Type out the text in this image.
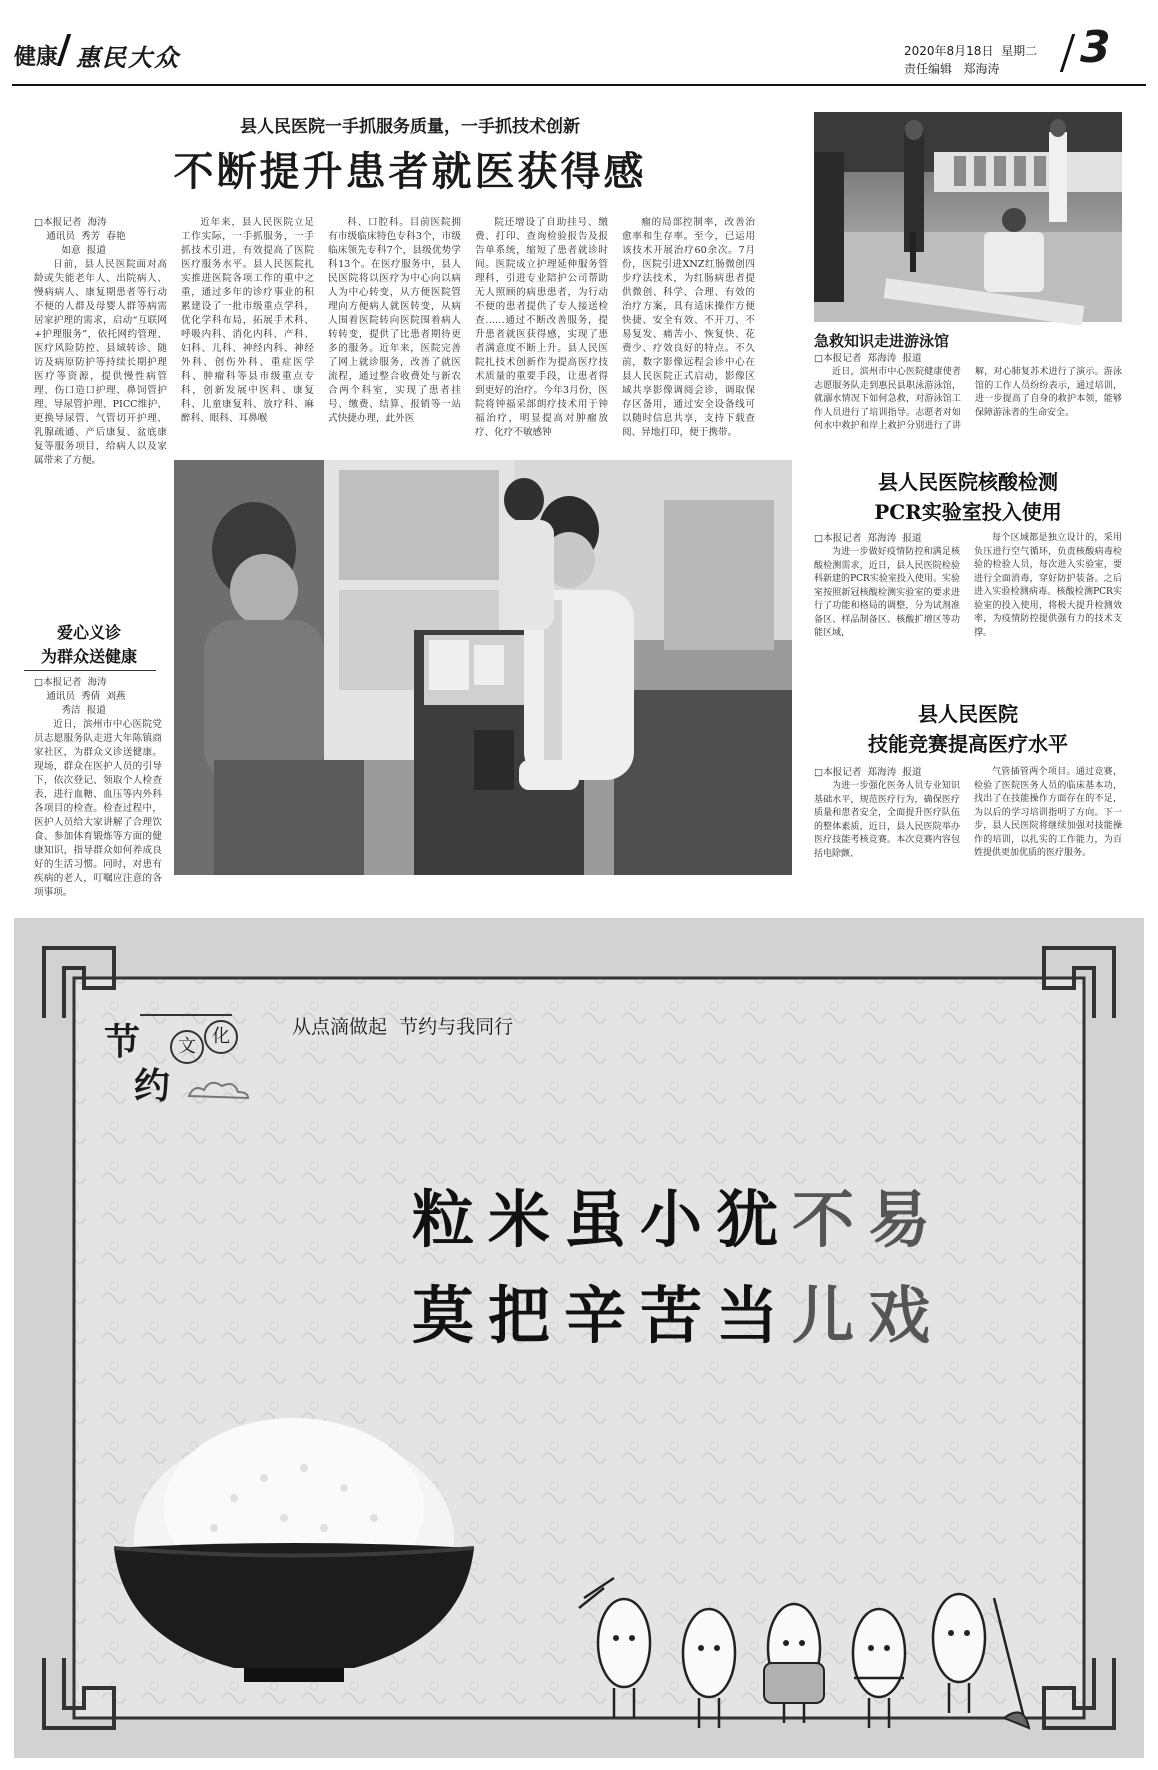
健康 惠民大众	2020年8月18日  星期二
责任编辑   郑海涛 3
县人民医院一手抓服务质量，一手抓技术创新
不断提升患者就医获得感
□本报记者  海涛
通讯员  秀芳  春艳
如意  报道

日前，县人民医院面对高龄或失能老年人、出院病人、慢病病人、康复期患者等行动不便的人群及母婴人群等病需居家护理的需求，启动“互联网+护理服务”，依托网约管理、医疗风险防控、县域转诊、随访及病原防护等持续长期护理医疗等资源，提供慢性病管理、伤口造口护理、鼻饲管护理、导尿管护理、PICC维护、更换导尿管、气管切开护理、乳腺疏通、产后康复、盆底康复等服务项目，给病人以及家属带来了方便。

近年来，县人民医院立足工作实际，一手抓服务，一手抓技术引进，有效提高了医院医疗服务水平。县人民医院扎实推进医院各项工作的重中之重，通过多年的诊疗事业的积累建设了一批市级重点学科，优化学科布局，拓展手术科、呼吸内科、消化内科、产科、妇科、儿科、神经内科、神经外科、创伤外科、重症医学科、肿瘤科等县市级重点专科，创新发展中医科、康复科、儿童康复科、放疗科、麻醉科、眼科、耳鼻喉

科、口腔科。目前医院拥有市级临床特色专科3个，市级临床领先专科7个，县级优势学科13个。在医疗服务中，县人民医院将以医疗为中心向以病人为中心转变，从方便医院管理向方便病人就医转变，从病人围着医院转向医院围着病人转转变，提供了比患者期待更多的服务。近年来，医院完善了网上就诊服务，改善了就医流程，通过整合收费处与新农合两个科室，实现了患者挂号、缴费、结算、报销等一站式快捷办理，此外医

院还增设了自助挂号、缴费、打印、查询检验报告及报告单系统，缩短了患者就诊时间。医院成立护理延伸服务管理科，引进专业陪护公司帮助无人照顾的病患患者，为行动不便的患者提供了专人接送检查……通过不断改善服务，提升患者就医获得感，实现了患者满意度不断上升。县人民医院扎技术创新作为提高医疗技术质量的重要手段，让患者得到更好的治疗。今年3月份，医院将钟福采部朗疗技术用于钟福治疗，明显提高对肿瘤放疗、化疗不敏感钟

瘤的局部控制率，改善治愈率和生存率。至今，已运用该技术开展治疗60余次。7月份，医院引进XNZ红肠微创四步疗法技术，为红肠病患者提供微创、科学、合理、有效的治疗方案，具有适床操作方便快捷、安全有效、不开刀、不易复发、痛苦小、恢复快、花费少、疗效良好的特点。不久前，数字影像远程会诊中心在县人民医院正式启动，影像区域共享影像调阅会诊，调取保存区备用，通过安全设备线可以随时信息共享，支持下载查阅、异地打印，便于携带。

急救知识走进游泳馆
□本报记者  郑海涛  报道

近日，滨州市中心医院健康使者志愿服务队走到惠民县职泳游泳馆，就溺水情况下如何急救，对游泳馆工作人员进行了培训指导。志愿者对如何水中救护和岸上救护分别进行了讲解，对心肺复苏术进行了演示。游泳馆的工作人员纷纷表示，通过培训，进一步提高了自身的救护本领，能够保障游泳者的生命安全。

爱心义诊
为群众送健康
□本报记者  海涛
通讯员  秀倩  刘燕
秀洁  报道

近日，滨州市中心医院党员志愿服务队走进大年陈镇商家社区，为群众义诊送健康。现场，群众在医护人员的引导下，依次登记、领取个人检查表，进行血糖、血压等内外科各项目的检查。检查过程中，医护人员给大家讲解了合理饮食、参加体育锻炼等方面的健康知识，指导群众如何养成良好的生活习惯。同时，对患有疾病的老人，叮嘱应注意的各项事项。

县人民医院核酸检测
PCR实验室投入使用
□本报记者  郑海涛  报道

为进一步做好疫情防控和满足核酸检测需求，近日，县人民医院检验科新建的PCR实验室投入使用。实验室按照新冠核酸检测实验室的要求进行了功能和格局的调整，分为试剂准备区、样品制备区、核酸扩增区等功能区域，

每个区域都是独立设计的，采用负压进行空气循环，负责核酸病毒检验的检验人员，每次进入实验室，要进行全面消毒，穿好防护装备。之后进入实验检测病毒。核酸检测PCR实验室的投入使用，将极大提升检测效率，为疫情防控提供强有力的技术支撑。

县人民医院
技能竞赛提高医疗水平
□本报记者  郑海涛  报道

为进一步强化医务人员专业知识基础水平，规范医疗行为，确保医疗质量和患者安全，全面提升医疗队伍的整体素质，近日，县人民医院举办医疗技能考核竞赛。本次竞赛内容包括电除颤、

气管插管两个项目。通过竞赛，检验了医院医务人员的临床基本功，找出了在技能操作方面存在的不足，为以后的学习培训指明了方向。下一步，县人民医院将继续加强对技能操作的培训，以扎实的工作能力，为百姓提供更加优质的医疗服务。

节
约
文 化	从点滴做起  节约与我同行
粒米虽小犹不易
莫把辛苦当儿戏
